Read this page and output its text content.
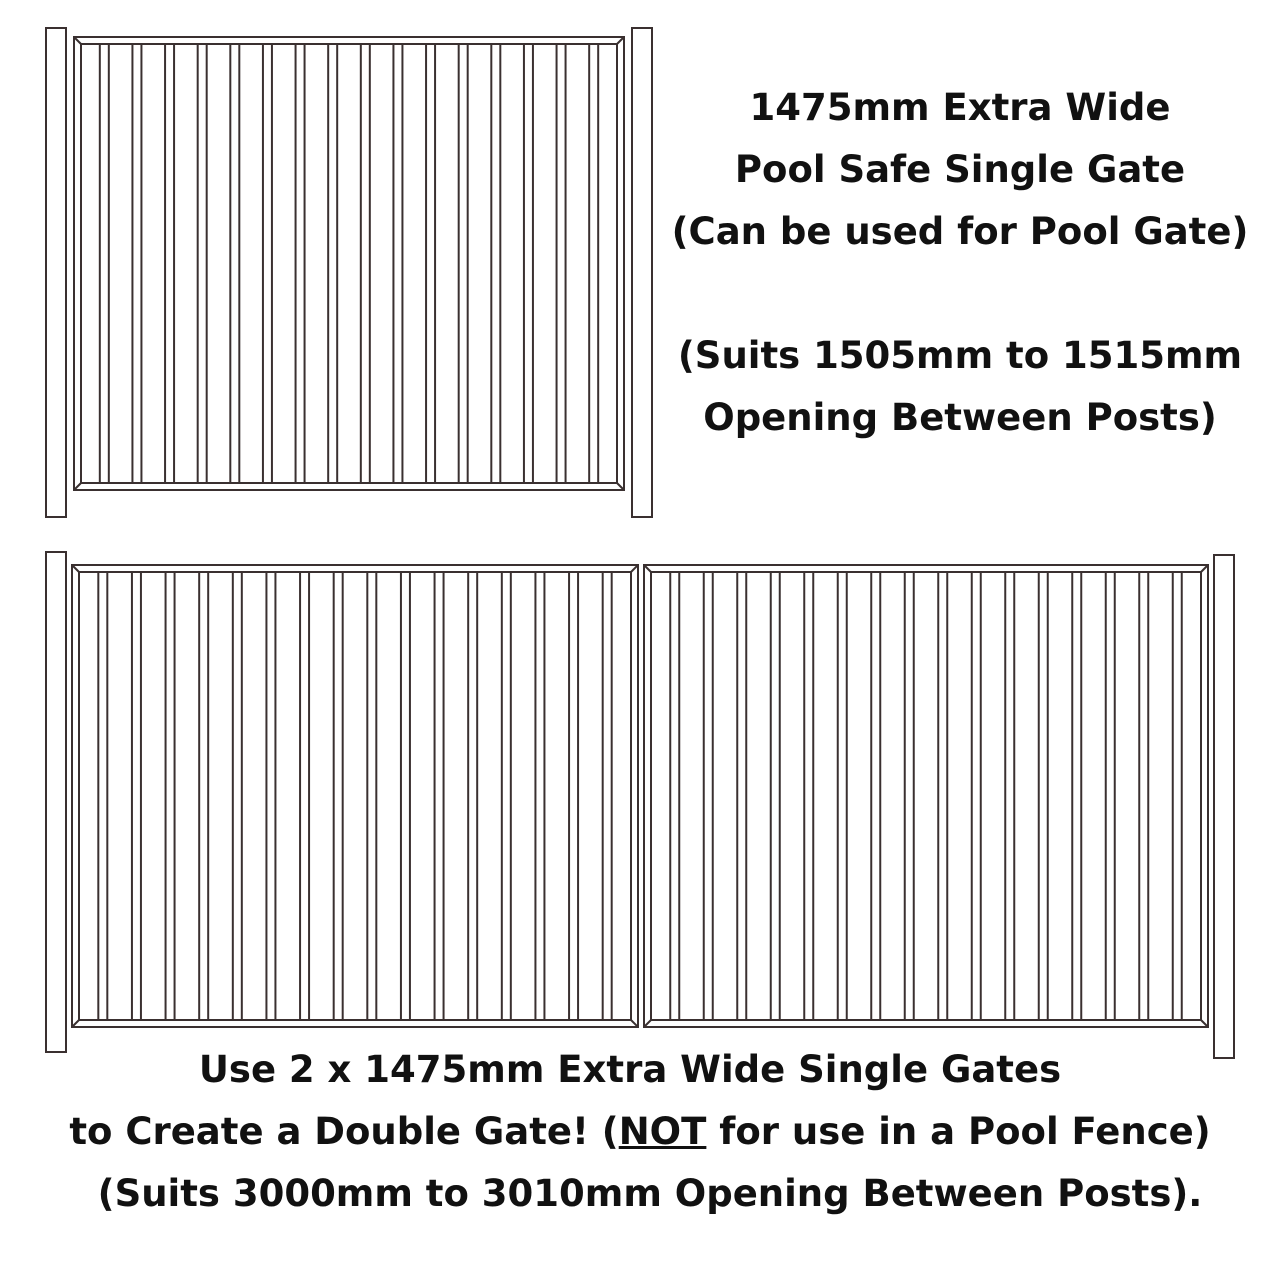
1475mm Extra Wide
Pool Safe Single Gate
(Can be used for Pool Gate)
(Suits 1505mm to 1515mm
Opening Between Posts)
Use 2 x 1475mm Extra Wide Single Gates
to Create a Double Gate! (NOT for use in a Pool Fence)
(Suits 3000mm to 3010mm Opening Between Posts).
